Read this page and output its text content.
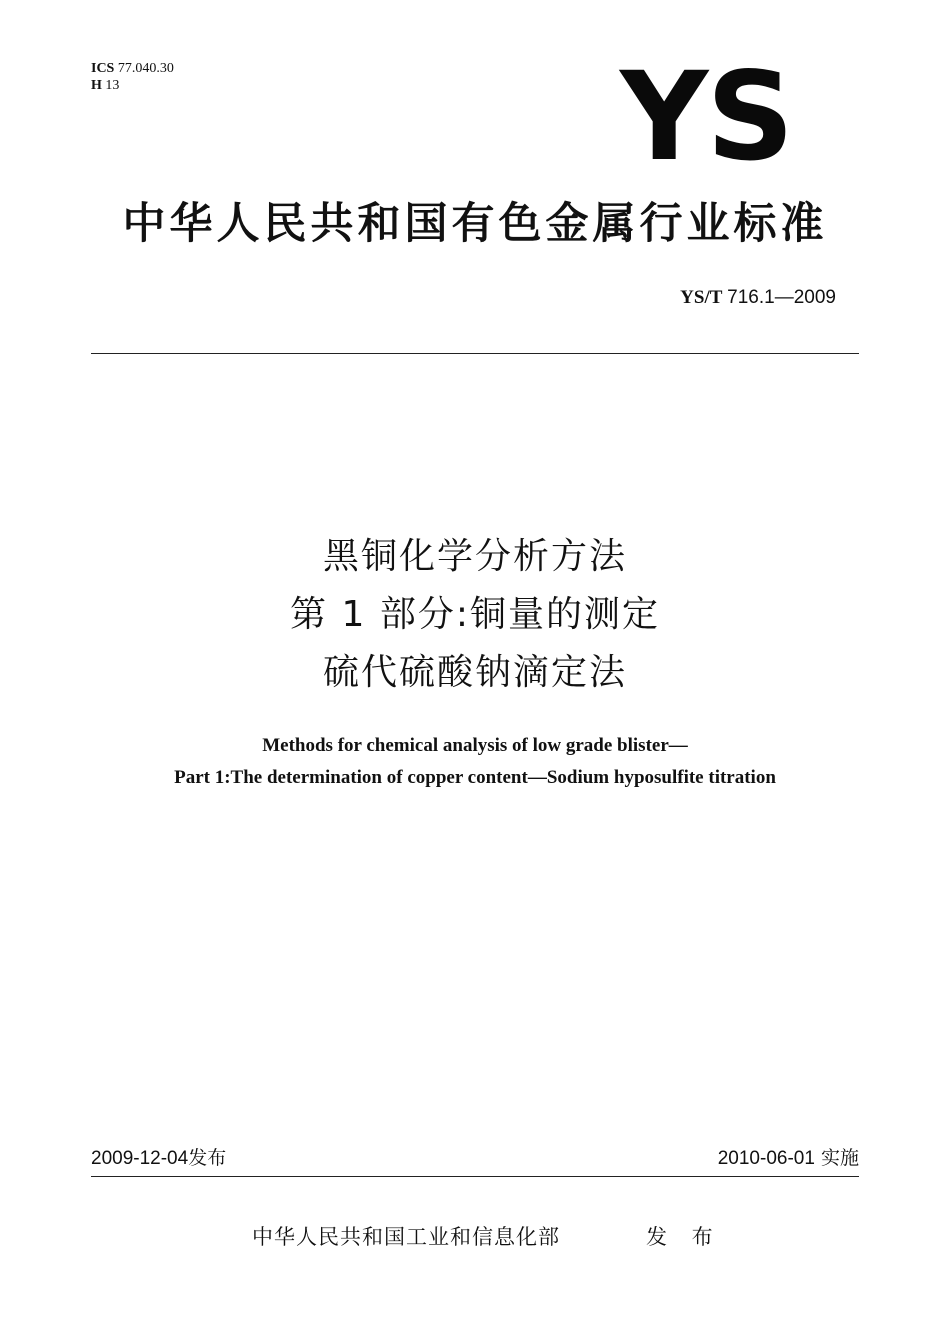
ICS 77.040.30
H 13	YS
中华人民共和国有色金属行业标准
YS/T 716.1—2009
黑铜化学分析方法
第 1 部分:铜量的测定
硫代硫酸钠滴定法
Methods for chemical analysis of low grade blister—
Part 1:The determination of copper content—Sodium hyposulfite titration
2009-12-04发布	2010-06-01 实施
中华人民共和国工业和信息化部	发 布
